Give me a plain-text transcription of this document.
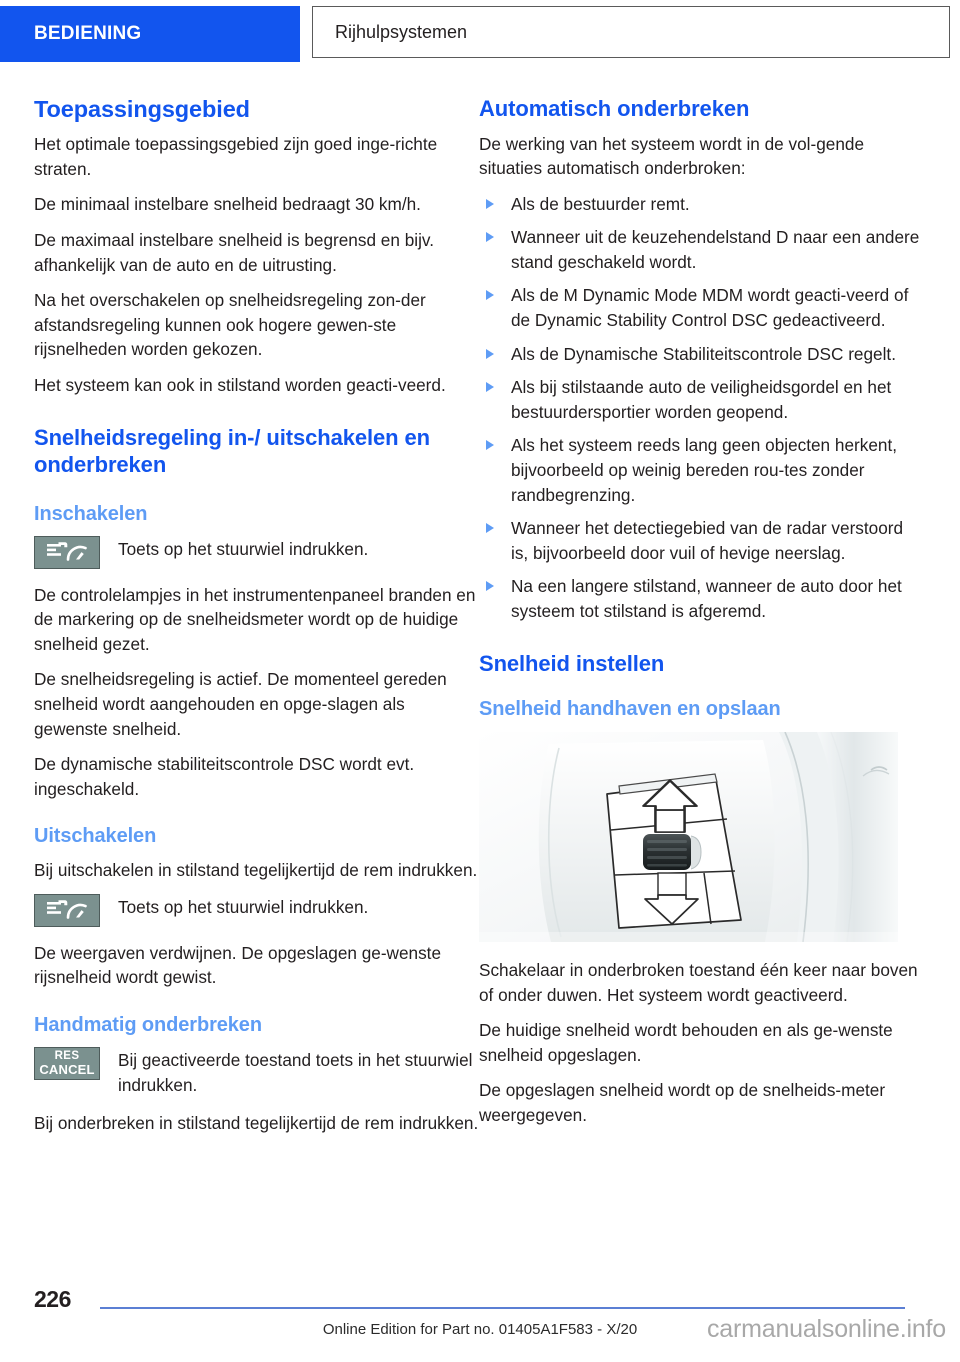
BEDIENING	Rijhulpsystemen
Toepassingsgebied

Het optimale toepassingsgebied zijn goed inge-richte straten.

De minimaal instelbare snelheid bedraagt 30 km/h.

De maximaal instelbare snelheid is begrensd en bijv. afhankelijk van de auto en de uitrusting.

Na het overschakelen op snelheidsregeling zon-der afstandsregeling kunnen ook hogere gewen-ste rijsnelheden worden gekozen.

Het systeem kan ook in stilstand worden geacti-veerd.

Snelheidsregeling in-/ uitschakelen en onderbreken
Inschakelen
Toets op het stuurwiel indrukken.

De controlelampjes in het instrumentenpaneel branden en de markering op de snelheidsmeter wordt op de huidige snelheid gezet.

De snelheidsregeling is actief. De momenteel gereden snelheid wordt aangehouden en opge-slagen als gewenste snelheid.

De dynamische stabiliteitscontrole DSC wordt evt. ingeschakeld.

Uitschakelen

Bij uitschakelen in stilstand tegelijkertijd de rem indrukken.

Toets op het stuurwiel indrukken.

De weergaven verdwijnen. De opgeslagen ge-wenste rijsnelheid wordt gewist.

Handmatig onderbreken
RES
CANCEL Bij geactiveerde toestand toets in het stuurwiel indrukken.

Bij onderbreken in stilstand tegelijkertijd de rem indrukken.

Automatisch onderbreken

De werking van het systeem wordt in de vol-gende situaties automatisch onderbroken:

Als de bestuurder remt.
Wanneer uit de keuzehendelstand D naar een andere stand geschakeld wordt.
Als de M Dynamic Mode MDM wordt geacti-veerd of de Dynamic Stability Control DSC gedeactiveerd.
Als de Dynamische Stabiliteitscontrole DSC regelt.
Als bij stilstaande auto de veiligheidsgordel en het bestuurdersportier worden geopend.
Als het systeem reeds lang geen objecten herkent, bijvoorbeeld op weinig bereden rou-tes zonder randbegrenzing.
Wanneer het detectiegebied van de radar verstoord is, bijvoorbeeld door vuil of hevige neerslag.
Na een langere stilstand, wanneer de auto door het systeem tot stilstand is afgeremd.
Snelheid instellen
Snelheid handhaven en opslaan

Schakelaar in onderbroken toestand één keer naar boven of onder duwen. Het systeem wordt geactiveerd.

De huidige snelheid wordt behouden en als ge-wenste snelheid opgeslagen.

De opgeslagen snelheid wordt op de snelheids-meter weergegeven.

226
Online Edition for Part no. 01405A1F583 - X/20	carmanualsonline.info
